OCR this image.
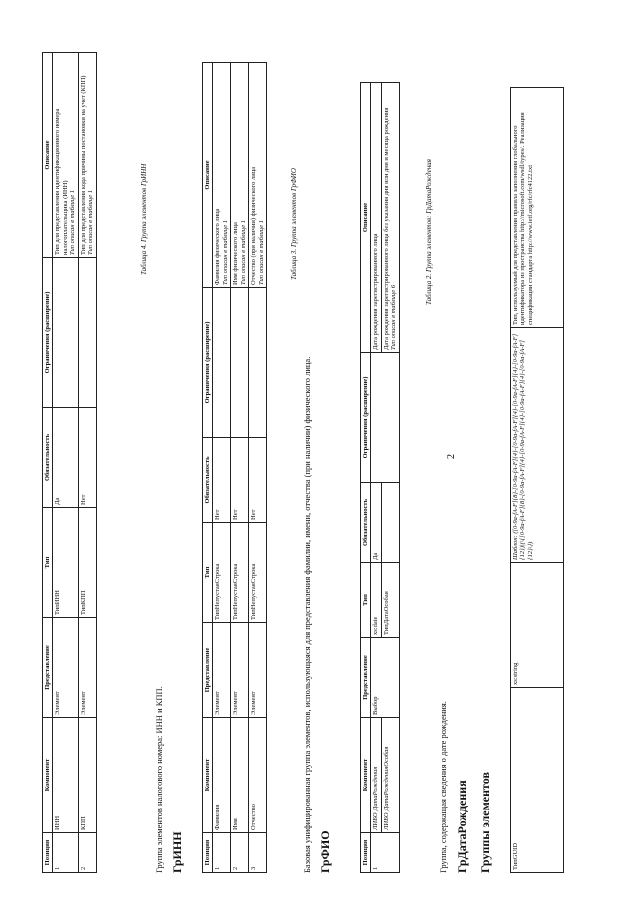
2
ТипGUID	xs:string	Шаблон: ([0-9a-fA-F]{8}-[0-9a-fA-F]{4}-[0-9a-fA-F]{4}-[0-9a-fA-F]{4}-[0-9a-fA-F]{12})|(\{[0-9a-fA-F]{8}-[0-9a-fA-F]{4}-[0-9a-fA-F]{4}-[0-9a-fA-F]{4}-[0-9a-fA-F]{12}\})	Тип, используемый для представления правила заполнения глобального идентификатора из пространства http://microsoft.com/wsdl/types/. Реализация спецификации стандарта http://www.ietf.org/rfc/rfc4122.txt
Группы элементов
ГрДатаРождения
Группа, содержащая сведения о дате рождения.
Таблица 2. Группа элементов: ГрДатаРождения
Позиция	Компонент	Представление	Тип	Обязательность	Ограничения (расширение)	Описание
1	ЛИБО ДатаРождения	Выбор	xs:date	Да		Дата рождения зарегистрированного лица
	ЛИБО ДатаРожденияОсобая		ТипДатаОсобая			Дата рождения зарегистрированного лица без указания дня или дня и месяца рождения
Тип описан в таблице 6
ГрФИО
Базовая унифицированная группа элементов, использующаяся для представления фамилии, имени, отчества (при наличии) физического лица.
Таблица 3. Группа элементов ГрФИО
Позиция	Компонент	Представление	Тип	Обязательность	Ограничения (расширение)	Описание
1	Фамилия	Элемент	ТипНепустаяСтрока	Нет		Фамилия физического лица
Тип описан в таблице 1
2	Имя	Элемент	ТипНепустаяСтрока	Нет		Имя физического лица
Тип описан в таблице 1
3	Отчество	Элемент	ТипНепустаяСтрока	Нет		Отчество (при наличии) физического лица
Тип описан в таблице 1
ГрИНН
Группа элементов налогового номера: ИНН и КПП.
Таблица 4. Группа элементов ГрИНН
Позиция	Компонент	Представление	Тип	Обязательность	Ограничения (расширение)	Описание
1	ИНН	Элемент	ТипИНН	Да		Тип для представления идентификационного номера налогоплательщика (ИНН)
Тип описан в таблице 1
2	КПП	Элемент	ТипКПП	Нет		Тип для представления кода причины постановки на учет (КПП)
Тип описан в таблице 1
